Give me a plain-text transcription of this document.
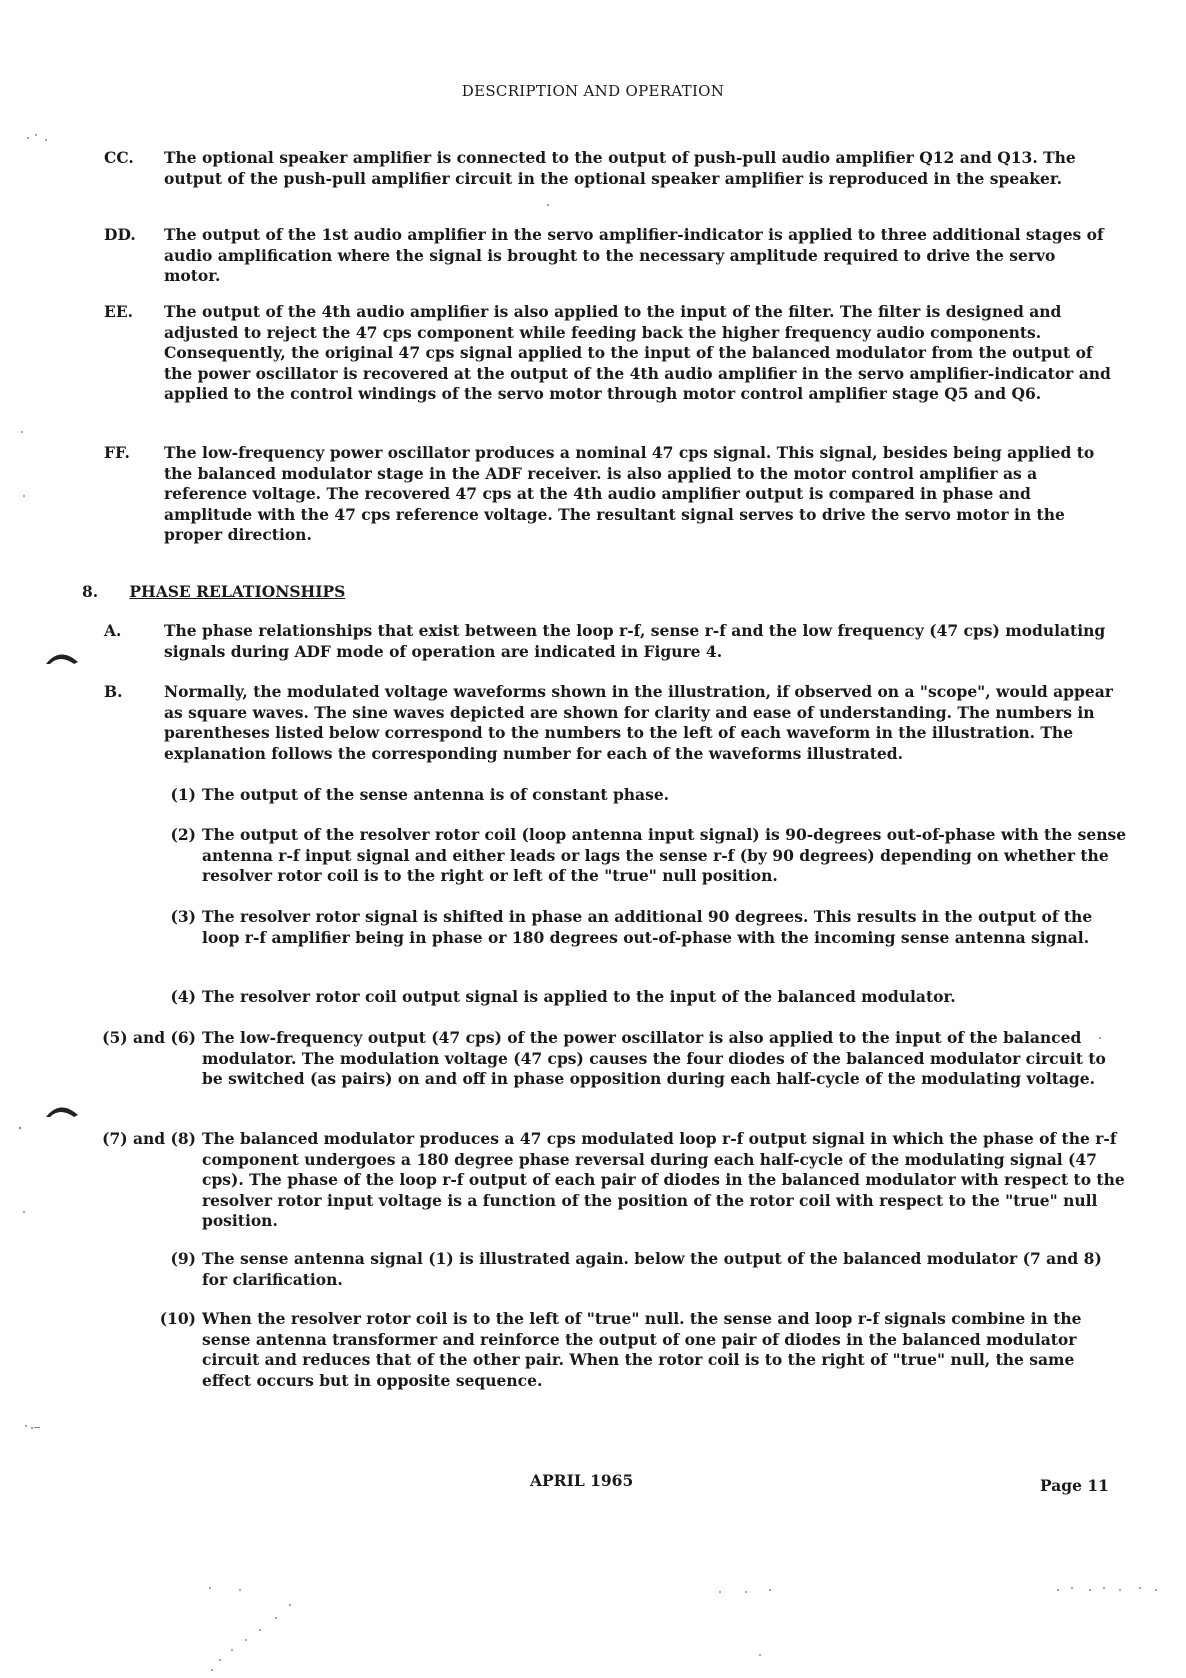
DESCRIPTION AND OPERATION
CC.	The optional speaker amplifier is connected to the output of push-pull audio amplifier Q12 and Q13. The output of the push-pull amplifier circuit in the optional speaker amplifier is reproduced in the speaker.
DD.	The output of the 1st audio amplifier in the servo amplifier-indicator is applied to three additional stages of audio amplification where the signal is brought to the necessary amplitude required to drive the servo motor.
EE.	The output of the 4th audio amplifier is also applied to the input of the filter. The filter is designed and adjusted to reject the 47 cps component while feeding back the higher frequency audio components. Consequently, the original 47 cps signal applied to the input of the balanced modulator from the output of the power oscillator is recovered at the output of the 4th audio amplifier in the servo amplifier-indicator and applied to the control windings of the servo motor through motor control amplifier stage Q5 and Q6.
FF.	The low-frequency power oscillator produces a nominal 47 cps signal. This signal, besides being applied to the balanced modulator stage in the ADF receiver. is also applied to the motor control amplifier as a reference voltage. The recovered 47 cps at the 4th audio amplifier output is compared in phase and amplitude with the 47 cps reference voltage. The resultant signal serves to drive the servo motor in the proper direction.
8. PHASE RELATIONSHIPS
A.	The phase relationships that exist between the loop r-f, sense r-f and the low frequency (47 cps) modulating signals during ADF mode of operation are indicated in Figure 4.
B.	Normally, the modulated voltage waveforms shown in the illustration, if observed on a "scope", would appear as square waves. The sine waves depicted are shown for clarity and ease of understanding. The numbers in parentheses listed below correspond to the numbers to the left of each waveform in the illustration. The explanation follows the corresponding number for each of the waveforms illustrated.
(1) The output of the sense antenna is of constant phase.
(2) The output of the resolver rotor coil (loop antenna input signal) is 90-degrees out-of-phase with the sense antenna r-f input signal and either leads or lags the sense r-f (by 90 degrees) depending on whether the resolver rotor coil is to the right or left of the "true" null position.
(3) The resolver rotor signal is shifted in phase an additional 90 degrees. This results in the output of the loop r-f amplifier being in phase or 180 degrees out-of-phase with the incoming sense antenna signal.
(4) The resolver rotor coil output signal is applied to the input of the balanced modulator.
(5) and (6) The low-frequency output (47 cps) of the power oscillator is also applied to the input of the balanced modulator. The modulation voltage (47 cps) causes the four diodes of the balanced modulator circuit to be switched (as pairs) on and off in phase opposition during each half-cycle of the modulating voltage.
(7) and (8) The balanced modulator produces a 47 cps modulated loop r-f output signal in which the phase of the r-f component undergoes a 180 degree phase reversal during each half-cycle of the modulating signal (47 cps). The phase of the loop r-f output of each pair of diodes in the balanced modulator with respect to the resolver rotor input voltage is a function of the position of the rotor coil with respect to the "true" null position.
(9) The sense antenna signal (1) is illustrated again. below the output of the balanced modulator (7 and 8) for clarification.
(10) When the resolver rotor coil is to the left of "true" null. the sense and loop r-f signals combine in the sense antenna transformer and reinforce the output of one pair of diodes in the balanced modulator circuit and reduces that of the other pair. When the rotor coil is to the right of "true" null, the same effect occurs but in opposite sequence.
APRIL 1965	Page 11
